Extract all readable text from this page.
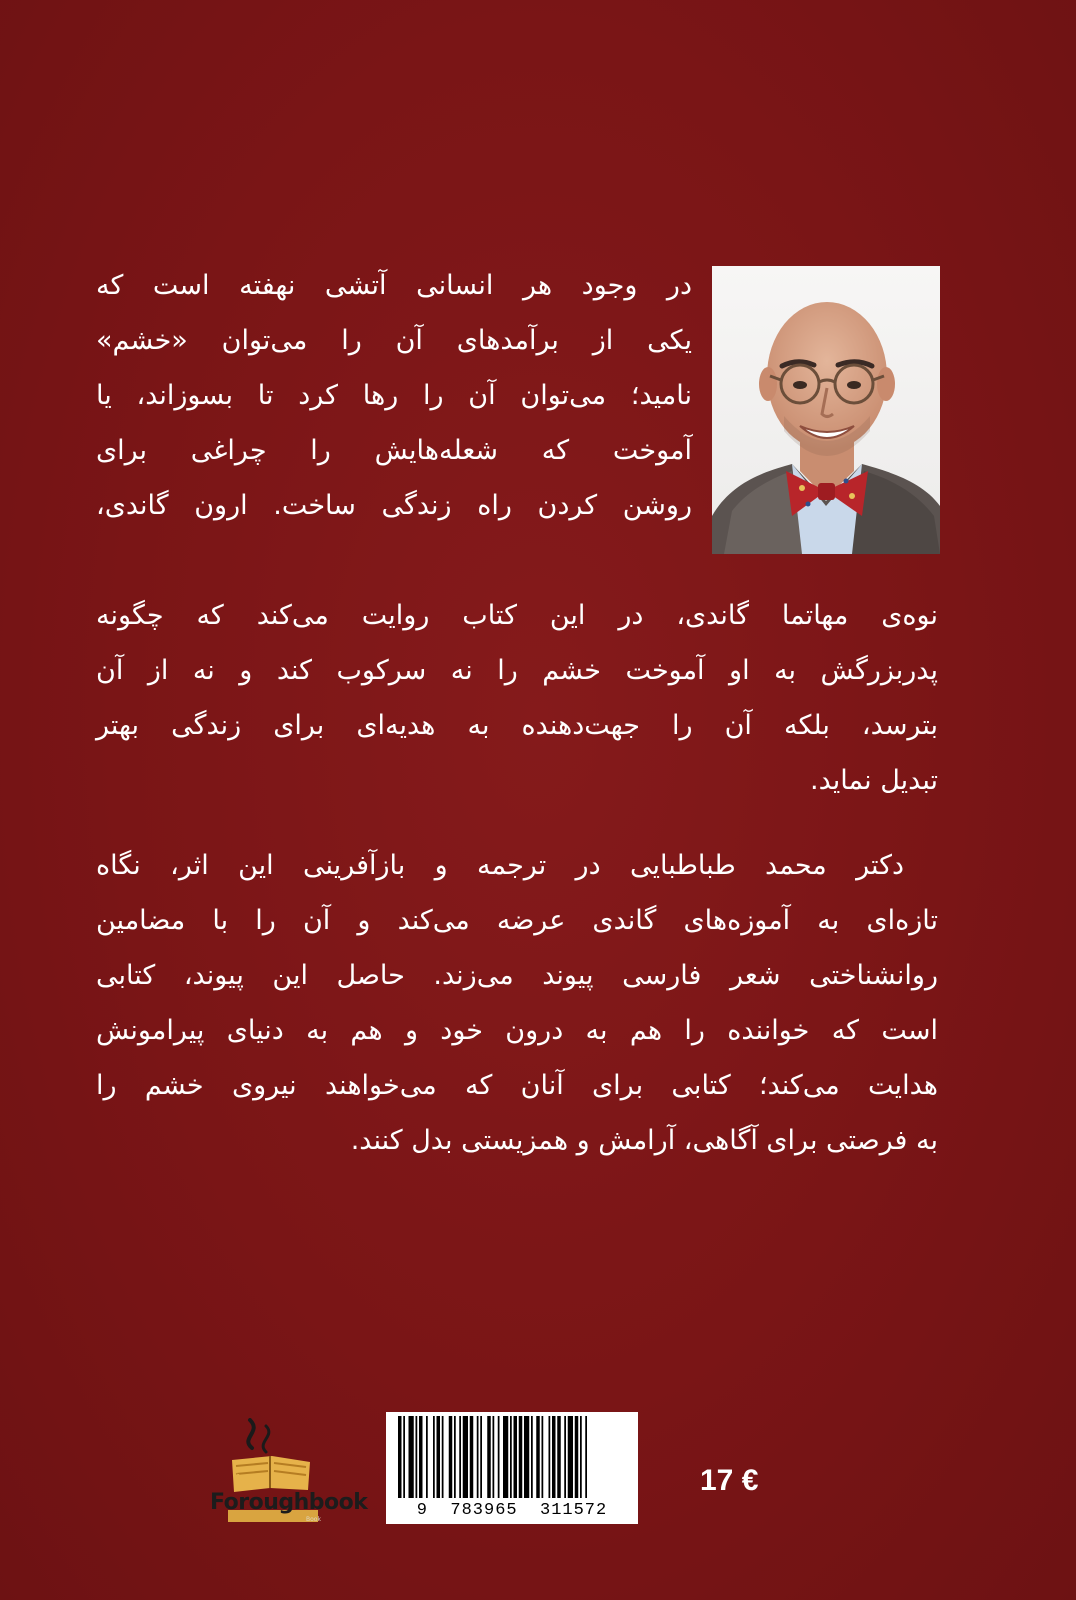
در وجود هر انسانی آتشی نهفته است که
یکی از برآمدهای آن را می‌توان «خشم»
نامید؛ می‌توان آن را رها کرد تا بسوزاند، یا
آموخت که شعله‌هایش را چراغی برای
روشن کردن راه زندگی ساخت. ارون گاندی،
نوه‌ی مهاتما گاندی، در این کتاب روایت می‌کند که چگونه
پدربزرگش به او آموخت خشم را نه سرکوب کند و نه از آن
بترسد، بلکه آن را جهت‌دهنده به هدیه‌ای برای زندگی بهتر
تبدیل نماید.
دکتر محمد طباطبایی در ترجمه و بازآفرینی این اثر، نگاه
تازه‌ای به آموزه‌های گاندی عرضه می‌کند و آن را با مضامین
روانشناختی شعر فارسی پیوند می‌زند. حاصل این پیوند، کتابی
است که خواننده را هم به درون خود و هم به دنیای پیرامونش
هدایت می‌کند؛ کتابی برای آنان که می‌خواهند نیروی خشم را
به فرصتی برای آگاهی، آرامش و همزیستی بدل کنند.
فروغ
Foroughbook
Book	9  783965  311572
17 €
